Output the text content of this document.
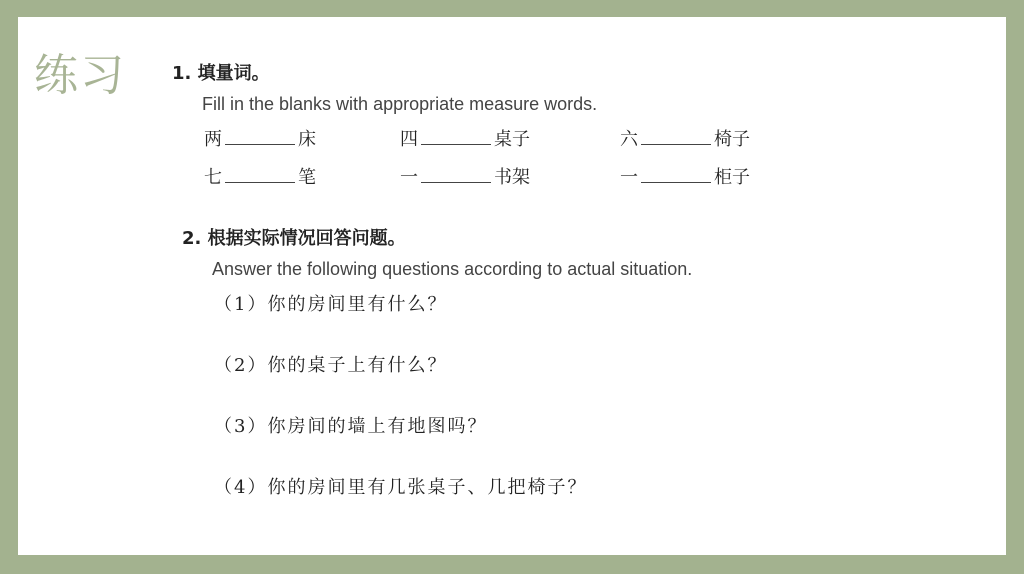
练习	1. 填量词。
Fill in the blanks with appropriate measure words.
两	床	四	桌子	六	椅子
七	笔	一	书架	一	柜子
2. 根据实际情况回答问题。
Answer the following questions according to actual situation.
（1）你的房间里有什么？
（2）你的桌子上有什么？
（3）你房间的墙上有地图吗？
（4）你的房间里有几张桌子、几把椅子？
